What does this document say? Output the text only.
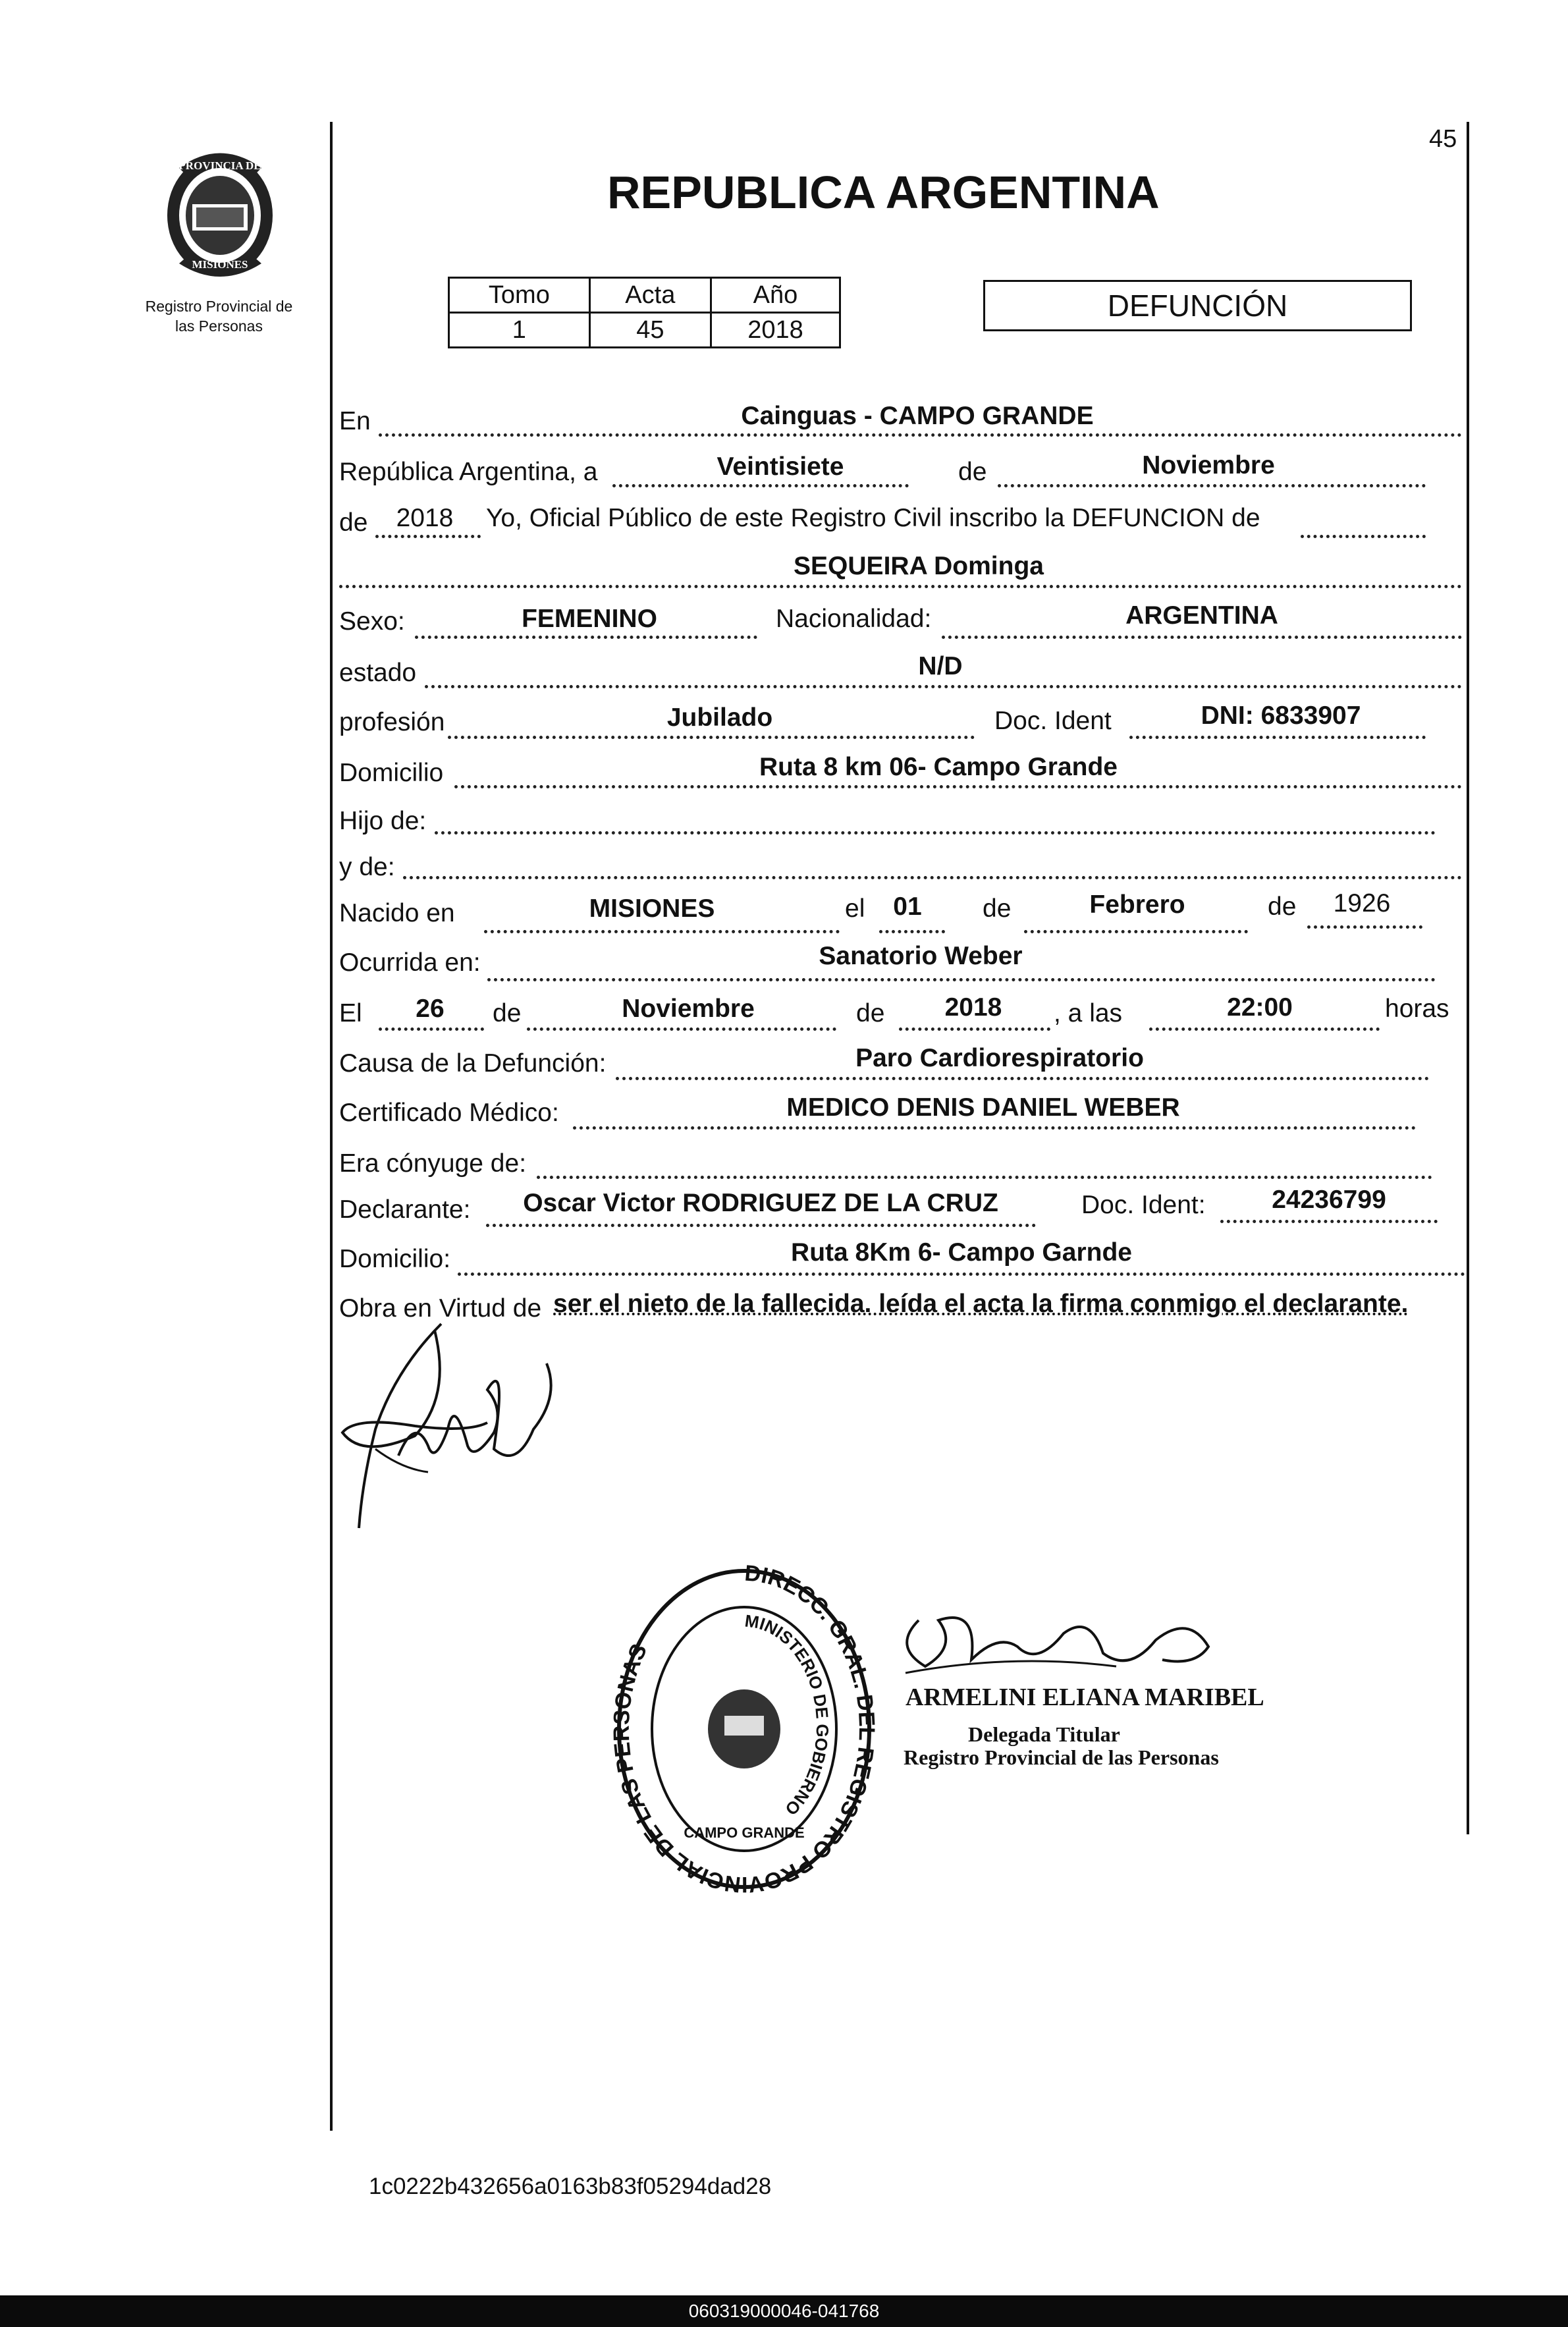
PROVINCIA DE
MISIONES
Registro Provincial de
las Personas
45
REPUBLICA ARGENTINA
Tomo	Acta	Año
1	45	2018
DEFUNCIÓN
En	Cainguas - CAMPO GRANDE
República Argentina, a	Veintisiete	de	Noviembre
de 2018 Yo, Oficial Público de este Registro Civil inscribo la DEFUNCION de
SEQUEIRA Dominga
Sexo:	FEMENINO	Nacionalidad:	ARGENTINA
estado	N/D
profesión	Jubilado	Doc. Ident	DNI: 6833907
Domicilio	Ruta 8 km 06- Campo Grande
Hijo de:
y de:
Nacido en	MISIONES	el 01 de	Febrero	de 1926
Ocurrida en:	Sanatorio Weber
El 26 de	Noviembre	de 2018 , a las	22:00	horas
Causa de la Defunción:	Paro Cardiorespiratorio
Certificado Médico:	MEDICO DENIS DANIEL WEBER
Era cónyuge de:
Declarante: Oscar Victor RODRIGUEZ DE LA CRUZ	Doc. Ident:	24236799
Domicilio:	Ruta 8Km 6- Campo Garnde
Obra en Virtud de ser el nieto de la fallecida. leída el acta la firma conmigo el declarante.
DIRECC. GRAL. DEL REGISTRO PROVINCIAL DE LAS PERSONAS
MINISTERIO DE GOBIERNO
CAMPO GRANDE
ARMELINI ELIANA MARIBEL
Delegada Titular
Registro Provincial de las Personas
1c0222b432656a0163b83f05294dad28
060319000046-041768
